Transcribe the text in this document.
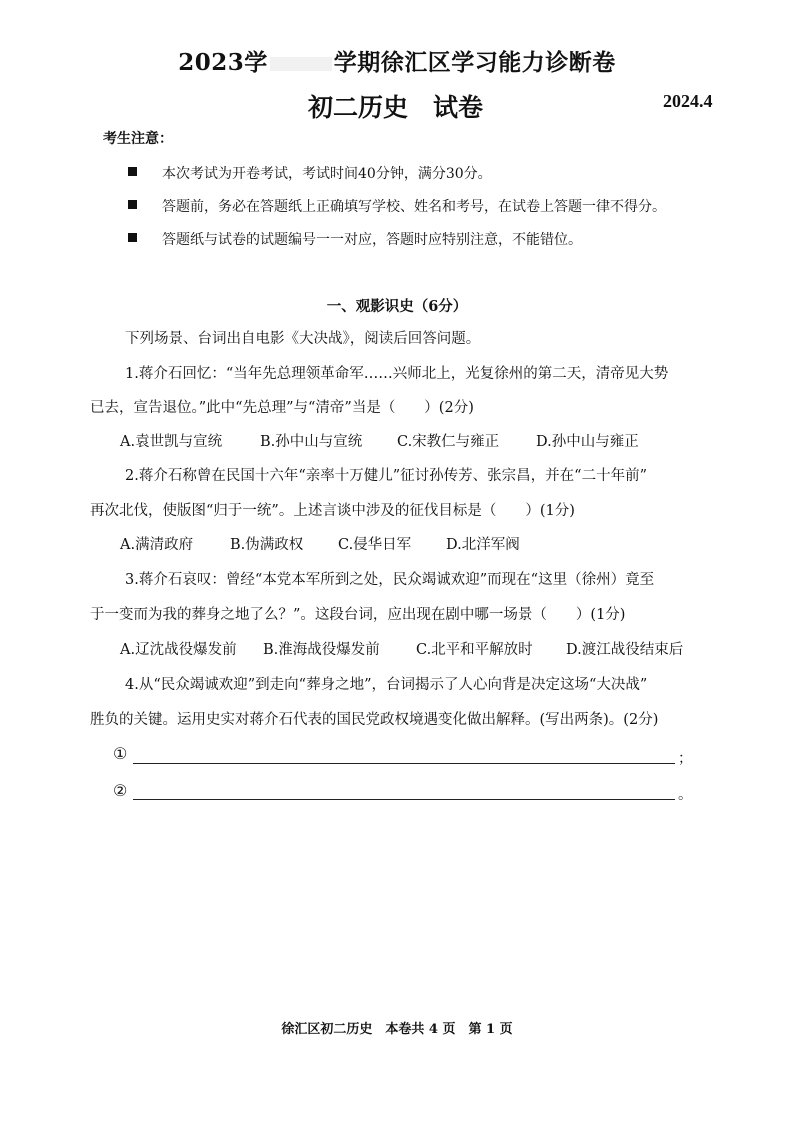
2023学	学期徐汇区学习能力诊断卷
初二历史　试卷	2024.4
考生注意：
本次考试为开卷考试，考试时间40分钟，满分30分。
答题前，务必在答题纸上正确填写学校、姓名和考号，在试卷上答题一律不得分。
答题纸与试卷的试题编号一一对应，答题时应特别注意，不能错位。
一、观影识史（6分）
下列场景、台词出自电影《大决战》，阅读后回答问题。
1.蒋介石回忆：“当年先总理领革命军……兴师北上，光复徐州的第二天，清帝见大势
已去，宣告退位。”此中“先总理”与“清帝”当是（　　）(2分)
A.袁世凯与宣统	B.孙中山与宣统 C.宋教仁与雍正	D.孙中山与雍正
2.蒋介石称曾在民国十六年“亲率十万健儿”征讨孙传芳、张宗昌，并在“二十年前”
再次北伐，使版图“归于一统”。上述言谈中涉及的征伐目标是（　　）(1分)
A.满清政府	B.伪满政权 C.侵华日军 D.北洋军阀
3.蒋介石哀叹：曾经“本党本军所到之处，民众竭诚欢迎”而现在“这里（徐州）竟至
于一变而为我的葬身之地了么？”。这段台词，应出现在剧中哪一场景（　　）(1分)
A.辽沈战役爆发前 B.淮海战役爆发前 C.北平和平解放时 D.渡江战役结束后
4.从“民众竭诚欢迎”到走向“葬身之地”，台词揭示了人心向背是决定这场“大决战”
胜负的关键。运用史实对蒋介石代表的国民党政权境遇变化做出解释。(写出两条)。(2分)
①	；
②	。
徐汇区初二历史　本卷共 4 页　第 1 页
